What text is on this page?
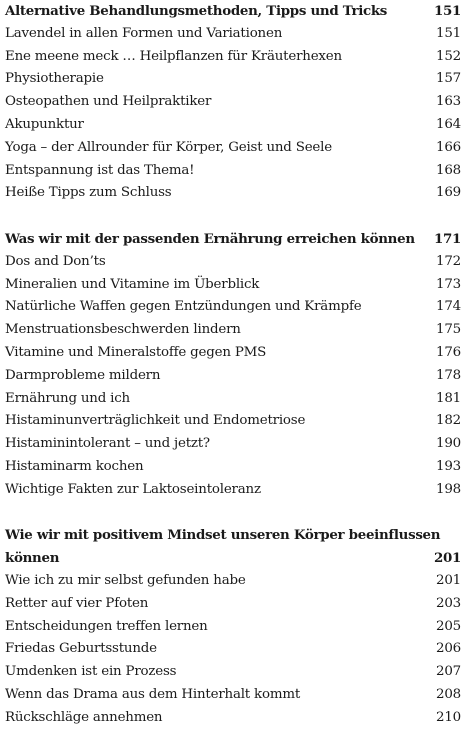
Alternative Behandlungsmethoden, Tipps und Tricks	151
Lavendel in allen Formen und Variationen	151
Ene meene meck … Heilpflanzen für Kräuterhexen	152
Physiotherapie	157
Osteopathen und Heilpraktiker	163
Akupunktur	164
Yoga – der Allrounder für Körper, Geist und Seele	166
Entspannung ist das Thema!	168
Heiße Tipps zum Schluss	169
Was wir mit der passenden Ernährung erreichen können	171
Dos and Don’ts	172
Mineralien und Vitamine im Überblick	173
Natürliche Waffen gegen Entzündungen und Krämpfe	174
Menstruationsbeschwerden lindern	175
Vitamine und Mineralstoffe gegen PMS	176
Darmprobleme mildern	178
Ernährung und ich	181
Histaminunverträglichkeit und Endometriose	182
Histaminintolerant – und jetzt?	190
Histaminarm kochen	193
Wichtige Fakten zur Laktoseintoleranz	198
Wie wir mit positivem Mindset unseren Körper beeinflussen
können	201
Wie ich zu mir selbst gefunden habe	201
Retter auf vier Pfoten	203
Entscheidungen treffen lernen	205
Friedas Geburtsstunde	206
Umdenken ist ein Prozess	207
Wenn das Drama aus dem Hinterhalt kommt	208
Rückschläge annehmen	210
